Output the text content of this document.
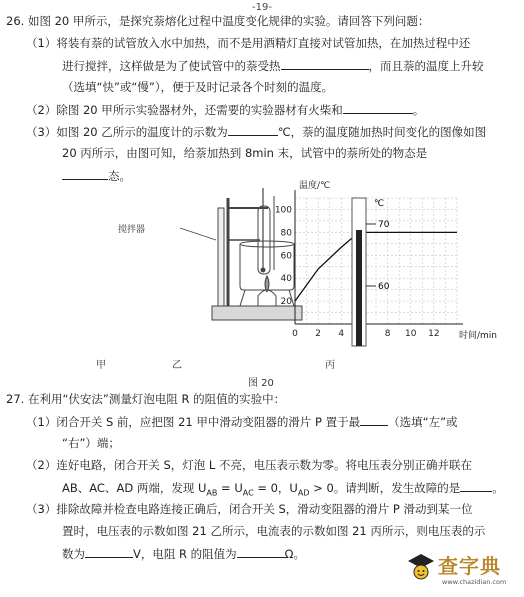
-19-
26. 如图 20 甲所示，是探究萘熔化过程中温度变化规律的实验。请回答下列问题：
（1）将装有萘的试管放入水中加热，而不是用酒精灯直接对试管加热，在加热过程中还
进行搅拌，这样做是为了使试管中的萘受热	，而且萘的温度上升较
（选填“快”或“慢”），便于及时记录各个时刻的温度。
（2）除图 20 甲所示实验器材外，还需要的实验器材有火柴和	。
（3）如图 20 乙所示的温度计的示数为	℃，萘的温度随加热时间变化的图像如图
20 丙所示，由图可知，给萘加热到 8min 末，试管中的萘所处的物态是
态。
搅拌器
0 2 4	8 10 12
20
40
60
80
100
温度/℃
时间/min
℃
70
60
甲	乙	丙
图 20
27. 在利用“伏安法”测量灯泡电阻 R 的阻值的实验中：
（1）闭合开关 S 前，应把图 21 甲中滑动变阻器的滑片 P 置于最 （选填“左”或
“右”）端；
（2）连好电路，闭合开关 S，灯泡 L 不亮，电压表示数为零。将电压表分别正确并联在
AB、AC、AD 两端，发现 $U_{AB} = U_{AC} = 0$，$U_{AD} > 0$。请判断，发生故障的是	。
（3）排除故障并检查电路连接正确后，闭合开关 S，滑动变阻器的滑片 P 滑动到某一位
置时，电压表的示数如图 21 乙所示，电流表的示数如图 21 丙所示，则电压表的示
数为	V，电阻 R 的阻值为	Ω。	查字典
www.chazidian.com
